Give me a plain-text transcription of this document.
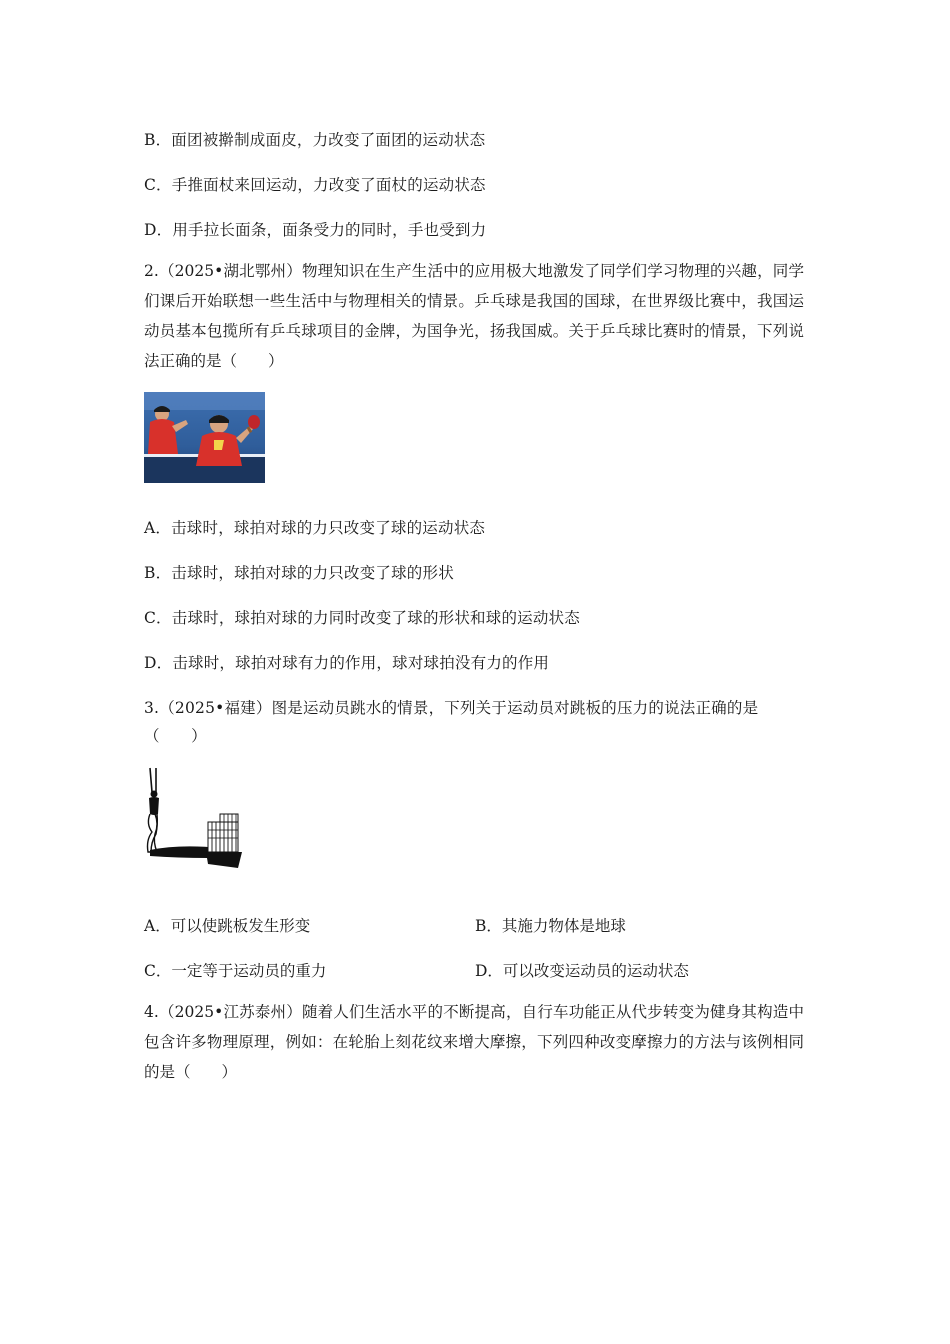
B．面团被擀制成面皮，力改变了面团的运动状态
C．手推面杖来回运动，力改变了面杖的运动状态
D．用手拉长面条，面条受力的同时，手也受到力
2.（2025•湖北鄂州）物理知识在生产生活中的应用极大地激发了同学们学习物理的兴趣，同学们课后开始联想一些生活中与物理相关的情景。乒乓球是我国的国球，在世界级比赛中，我国运动员基本包揽所有乒乓球项目的金牌，为国争光，扬我国威。关于乒乓球比赛时的情景，下列说法正确的是（　　）
A．击球时，球拍对球的力只改变了球的运动状态
B．击球时，球拍对球的力只改变了球的形状
C．击球时，球拍对球的力同时改变了球的形状和球的运动状态
D．击球时，球拍对球有力的作用，球对球拍没有力的作用
3.（2025•福建）图是运动员跳水的情景，下列关于运动员对跳板的压力的说法正确的是
（　　）
A．可以使跳板发生形变	B．其施力物体是地球
C．一定等于运动员的重力	D．可以改变运动员的运动状态
4.（2025•江苏泰州）随着人们生活水平的不断提高，自行车功能正从代步转变为健身其构造中包含许多物理原理，例如：在轮胎上刻花纹来增大摩擦，下列四种改变摩擦力的方法与该例相同的是（　　）
